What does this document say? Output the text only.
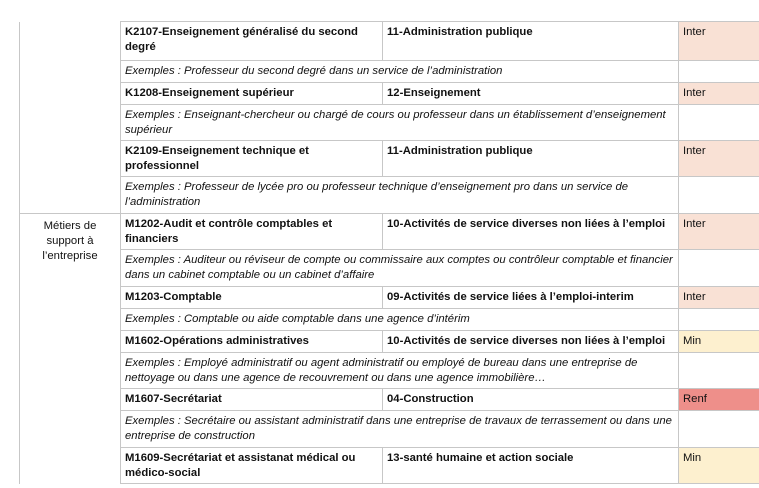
	K2107-Enseignement généralisé du second degré	11-Administration publique	Inter
	Exemples : Professeur du second degré dans un service de l’administration		
	K1208-Enseignement supérieur	12-Enseignement	Inter
	Exemples : Enseignant-chercheur ou chargé de cours ou professeur dans un établissement d’enseignement supérieur		
	K2109-Enseignement technique et professionnel	11-Administration publique	Inter
	Exemples : Professeur de lycée pro ou professeur technique d’enseignement pro dans un service de l’administration		
Métiers de support à l’entreprise	M1202-Audit et contrôle comptables et financiers	10-Activités de service diverses non liées à l’emploi	Inter
	Exemples : Auditeur ou réviseur de compte ou commissaire aux comptes ou contrôleur comptable et financier dans un cabinet comptable ou un cabinet d’affaire		
	M1203-Comptable	09-Activités de service liées à l’emploi-interim	Inter
	Exemples : Comptable ou aide comptable dans une agence d’intérim		
	M1602-Opérations administratives	10-Activités de service diverses non liées à l’emploi	Min
	Exemples : Employé administratif ou agent administratif ou employé de bureau dans une entreprise de nettoyage ou dans une agence de recouvrement ou dans une agence immobilière…		
	M1607-Secrétariat	04-Construction	Renf
	Exemples : Secrétaire ou assistant administratif dans une entreprise de travaux de terrassement ou dans une entreprise de construction		
	M1609-Secrétariat et assistanat médical ou médico-social	13-santé humaine et action sociale	Min
